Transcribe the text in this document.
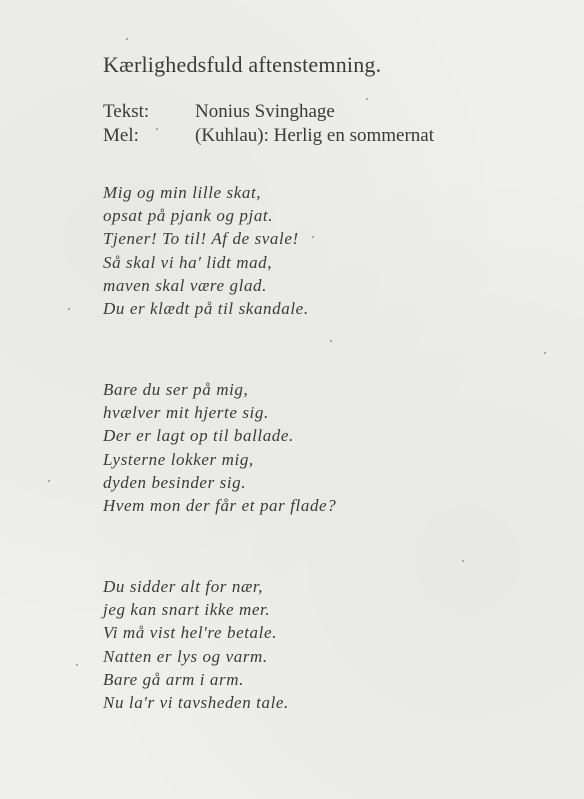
Kærlighedsfuld aftenstemning.
Tekst:	Nonius Svinghage
Mel:	(Kuhlau): Herlig en sommernat
Mig og min lille skat,
opsat på pjank og pjat.
Tjener! To til! Af de svale!
Så skal vi ha' lidt mad,
maven skal være glad.
Du er klædt på til skandale.
Bare du ser på mig,
hvælver mit hjerte sig.
Der er lagt op til ballade.
Lysterne lokker mig,
dyden besinder sig.
Hvem mon der får et par flade?
Du sidder alt for nær,
jeg kan snart ikke mer.
Vi må vist hel're betale.
Natten er lys og varm.
Bare gå arm i arm.
Nu la'r vi tavsheden tale.
